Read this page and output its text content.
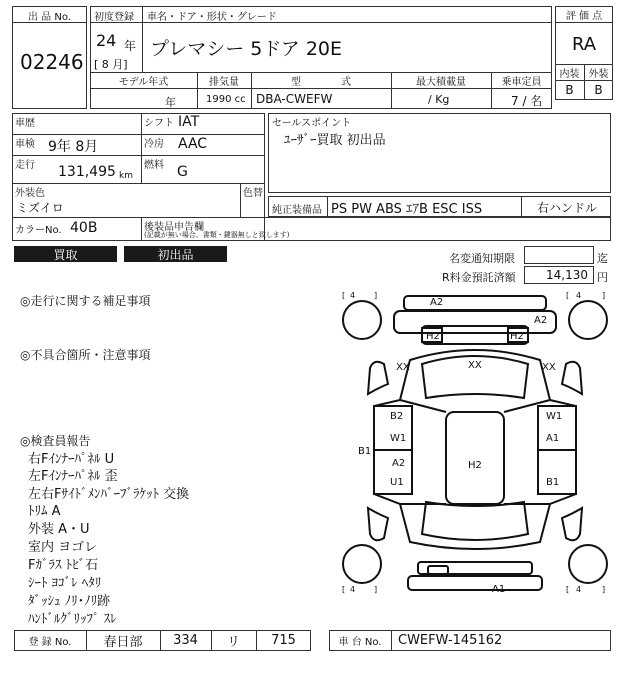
出 品 No.
02246
初度登録 車名・ドア・形状・グレード
24 年
[ 8 月]
プレマシー 5ドア 20E
モデル年式	排気量	型　　　　式	最大積載量	乗車定員
年	1990 cc DBA-CWEFW	/ Kg	7 / 名
評 価 点
RA
内装 外装
B	B
車歴	シフト IAT
車検 9年 8月	冷房 AAC
走行 131,495 km
燃料 G
外装色
ミズイロ
色替
カラーNo. 40B	後装品申告欄
(記載が無い場合、書類・鍵器無しと致します)
セールスポイント
ﾕｰｻﾞｰ買取 初出品
純正装備品 PS PW ABS ｴｱB ESC ISS	右ハンドル
買取	初出品	名変通知期限	迄
R料金預託済額	14,130 円
◎走行に関する補足事項
◎不具合箇所・注意事項
◎検査員報告
右Fｲﾝﾅｰﾊﾟﾈﾙ U
左Fｲﾝﾅｰﾊﾟﾈﾙ 歪
左右Fｻｲﾄﾞﾒﾝﾊﾞｰﾌﾞﾗｹｯﾄ 交換
ﾄﾘﾑ A
外装 A・U
室内 ヨゴレ
Fｶﾞﾗｽ ﾄﾋﾞ石
ｼｰﾄ ﾖｺﾞﾚ ﾍﾀﾘ
ﾀﾞｯｼｭ ﾉﾘ･ﾉﾘ跡
ﾊﾝﾄﾞﾙｸﾞﾘｯﾌﾟ ｽﾚ
[ 4 ]	[ 4	]
[ 4 ]	[ 4	]
A2
A2
H2	H2
XX	XX	XX
B2
W1
B1
A2
U1
H2
W1
A1
B1
A1
登 録 No.	春日部	334	リ	715	車 台 No.	CWEFW-145162
